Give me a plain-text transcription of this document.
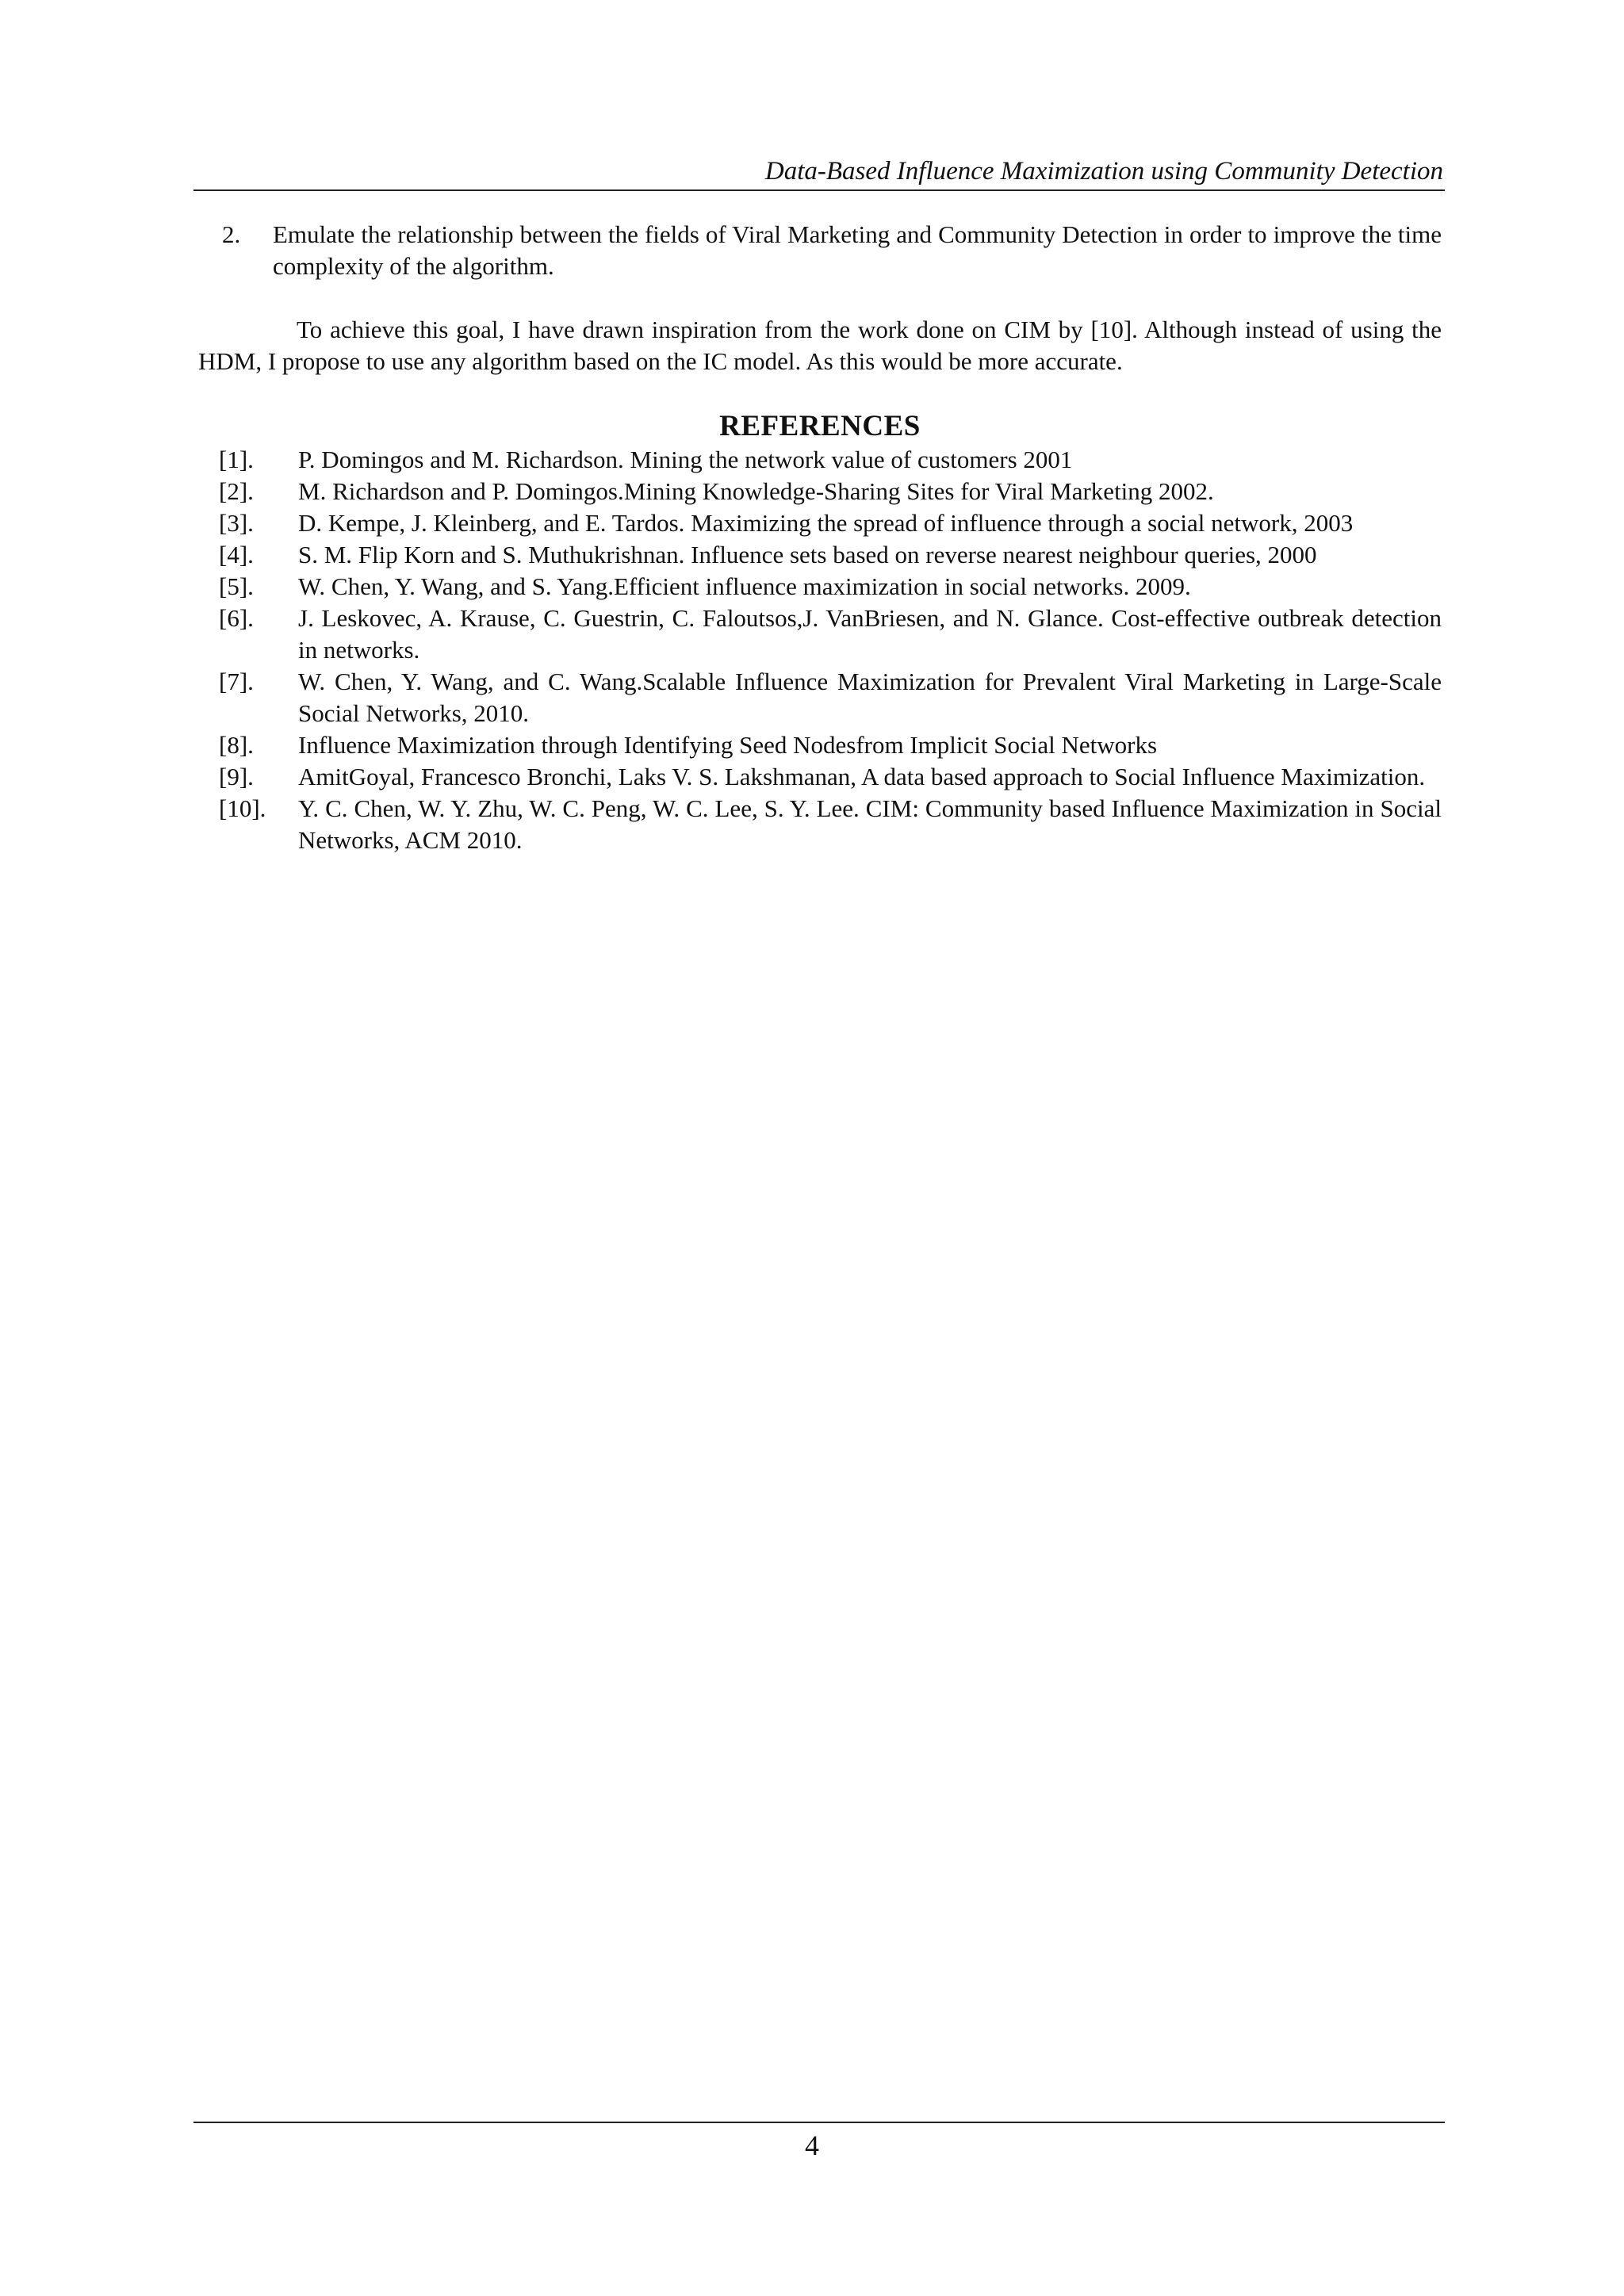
Data-Based Influence Maximization using Community Detection
2.	Emulate the relationship between the fields of Viral Marketing and Community Detection in order to improve the time complexity of the algorithm.

To achieve this goal, I have drawn inspiration from the work done on CIM by [10]. Although instead of using the HDM, I propose to use any algorithm based on the IC model. As this would be more accurate.

REFERENCES
[1].	P. Domingos and M. Richardson. Mining the network value of customers 2001
[2].	M. Richardson and P. Domingos.Mining Knowledge-Sharing Sites for Viral Marketing 2002.
[3].	D. Kempe, J. Kleinberg, and E. Tardos. Maximizing the spread of influence through a social network, 2003
[4].	S. M. Flip Korn and S. Muthukrishnan. Influence sets based on reverse nearest neighbour queries, 2000
[5].	W. Chen, Y. Wang, and S. Yang.Efficient influence maximization in social networks. 2009.
[6].	J. Leskovec, A. Krause, C. Guestrin, C. Faloutsos,J. VanBriesen, and N. Glance. Cost-effective outbreak detection in networks.
[7].	W. Chen, Y. Wang, and C. Wang.Scalable Influence Maximization for Prevalent Viral Marketing in Large-Scale Social Networks, 2010.
[8].	Influence Maximization through Identifying Seed Nodesfrom Implicit Social Networks
[9].	AmitGoyal, Francesco Bronchi, Laks V. S. Lakshmanan, A data based approach to Social Influence Maximization.
[10].	Y. C. Chen, W. Y. Zhu, W. C. Peng, W. C. Lee, S. Y. Lee. CIM: Community based Influence Maximization in Social Networks, ACM 2010.
4
